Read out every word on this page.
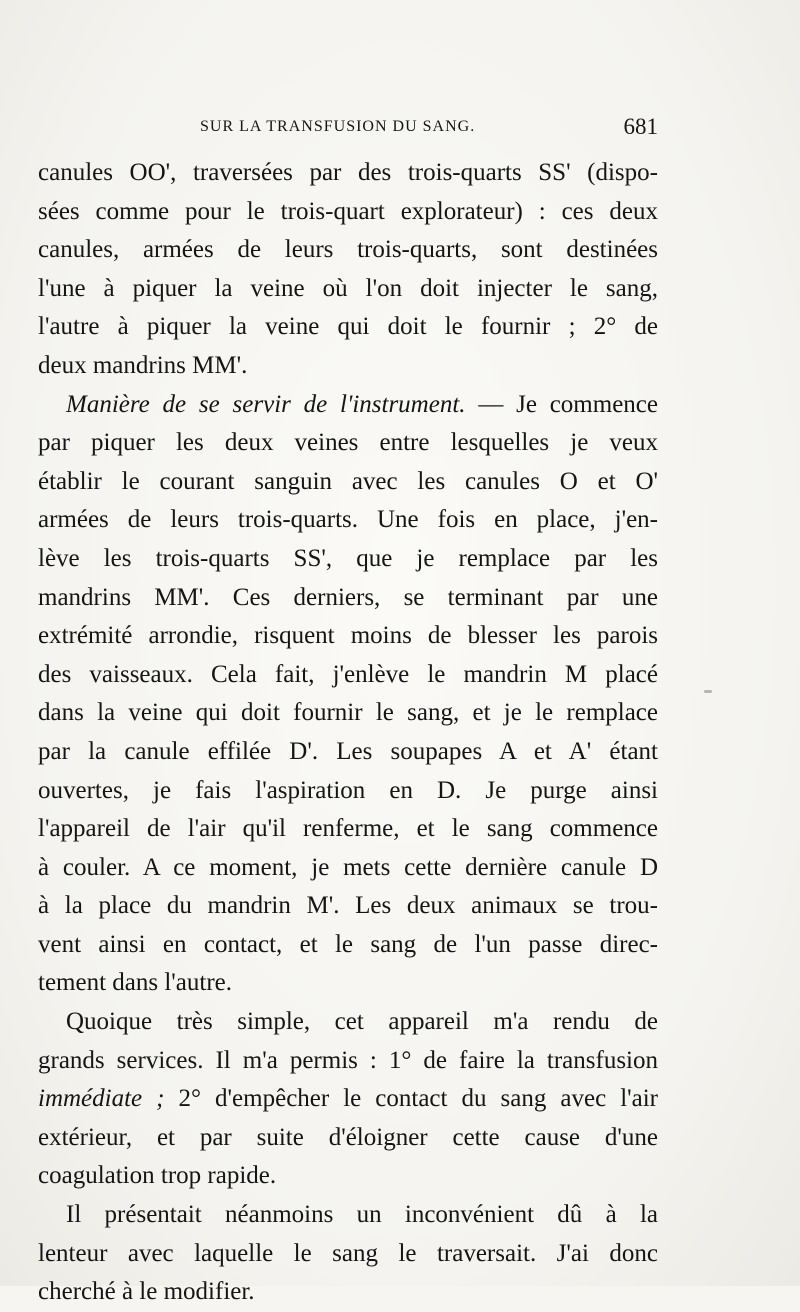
SUR LA TRANSFUSION DU SANG.	681
canules OO', traversées par des trois-quarts SS' (dispo-
sées comme pour le trois-quart explorateur) : ces deux
canules, armées de leurs trois-quarts, sont destinées
l'une à piquer la veine où l'on doit injecter le sang,
l'autre à piquer la veine qui doit le fournir ; 2° de
deux mandrins MM'.
Manière de se servir de l'instrument. — Je commence
par piquer les deux veines entre lesquelles je veux
établir le courant sanguin avec les canules O et O'
armées de leurs trois-quarts. Une fois en place, j'en-
lève les trois-quarts SS', que je remplace par les
mandrins MM'. Ces derniers, se terminant par une
extrémité arrondie, risquent moins de blesser les parois
des vaisseaux. Cela fait, j'enlève le mandrin M placé
dans la veine qui doit fournir le sang, et je le remplace
par la canule effilée D'. Les soupapes A et A' étant
ouvertes, je fais l'aspiration en D. Je purge ainsi
l'appareil de l'air qu'il renferme, et le sang commence
à couler. A ce moment, je mets cette dernière canule D
à la place du mandrin M'. Les deux animaux se trou-
vent ainsi en contact, et le sang de l'un passe direc-
tement dans l'autre.
Quoique très simple, cet appareil m'a rendu de
grands services. Il m'a permis : 1° de faire la transfusion
immédiate ; 2° d'empêcher le contact du sang avec l'air
extérieur, et par suite d'éloigner cette cause d'une
coagulation trop rapide.
Il présentait néanmoins un inconvénient dû à la
lenteur avec laquelle le sang le traversait. J'ai donc
cherché à le modifier.
